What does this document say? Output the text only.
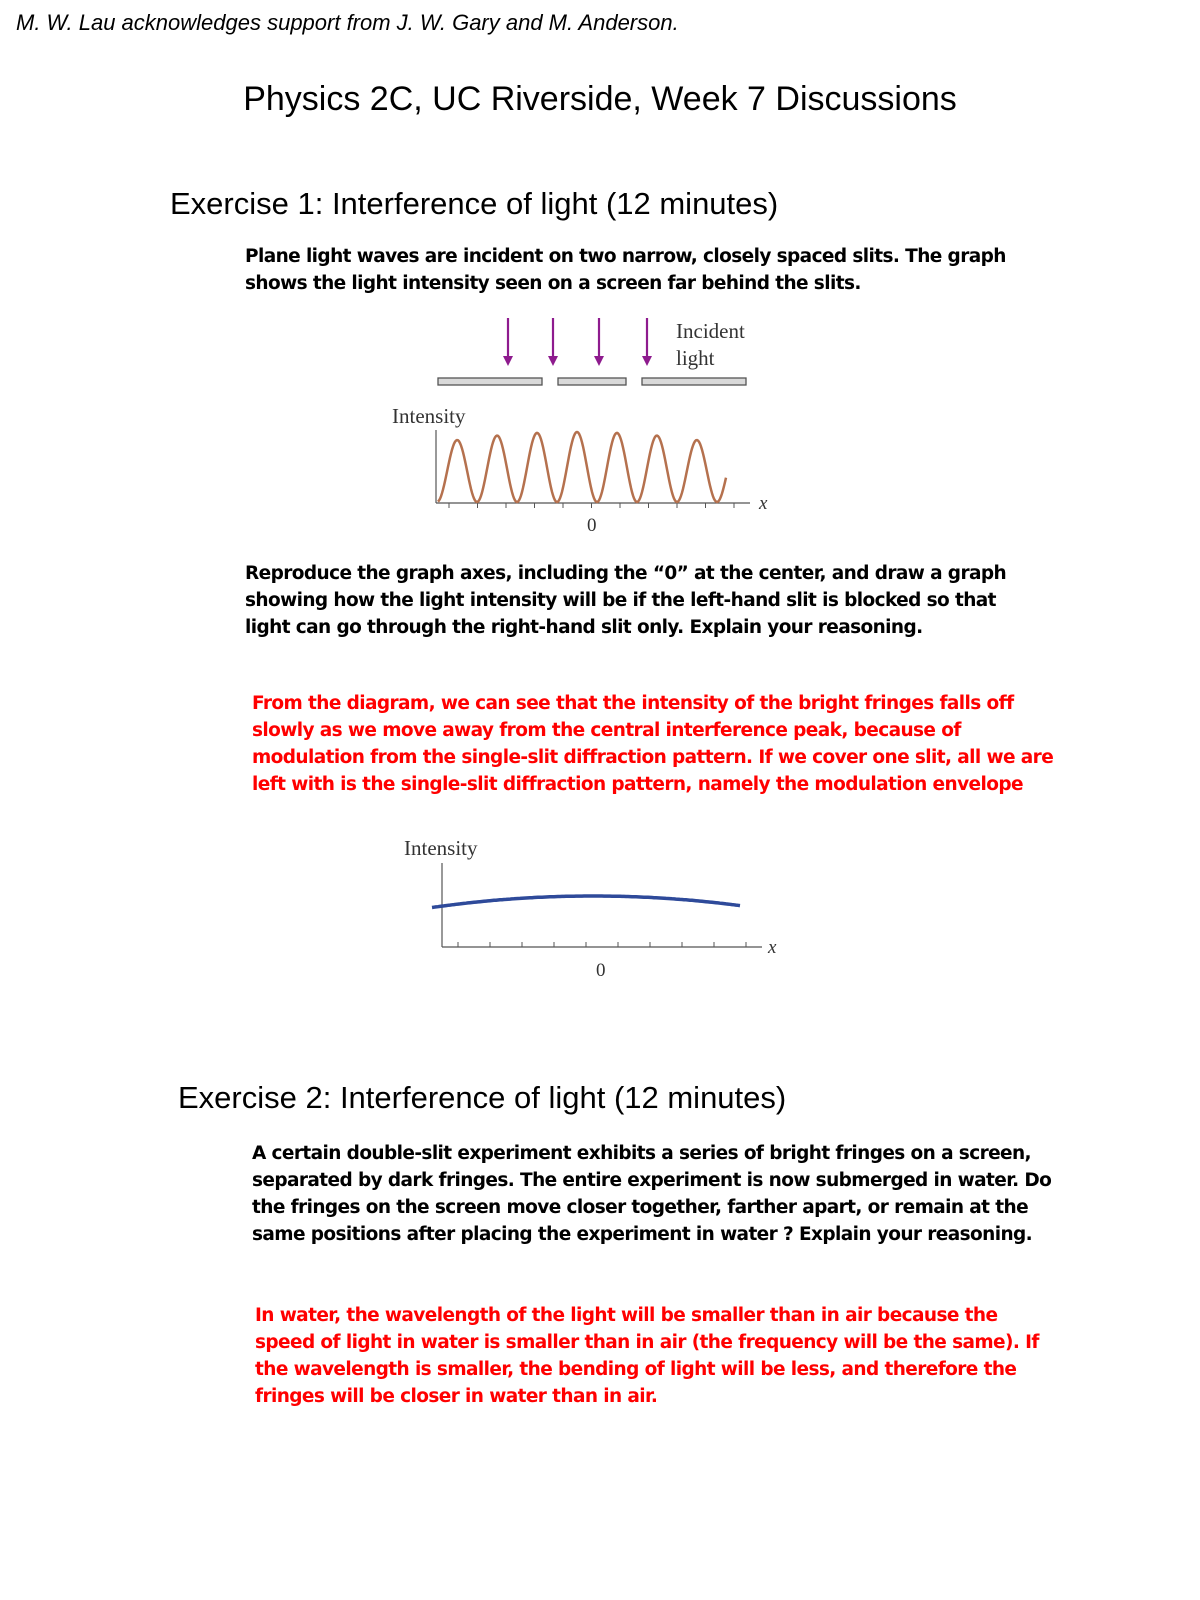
M. W. Lau acknowledges support from J. W. Gary and M. Anderson.
Physics 2C, UC Riverside, Week 7 Discussions
Exercise 1: Interference of light (12 minutes)

Plane light waves are incident on two narrow, closely spaced slits. The graph

shows the light intensity seen on a screen far behind the slits.

Incident
light
Intensity
x
0

Reproduce the graph axes, including the “0” at the center, and draw a graph

showing how the light intensity will be if the left-hand slit is blocked so that

light can go through the right-hand slit only. Explain your reasoning.

From the diagram, we can see that the intensity of the bright fringes falls off

slowly as we move away from the central interference peak, because of

modulation from the single-slit diffraction pattern. If we cover one slit, all we are

left with is the single-slit diffraction pattern, namely the modulation envelope

Intensity
x
0
Exercise 2: Interference of light (12 minutes)

A certain double-slit experiment exhibits a series of bright fringes on a screen,

separated by dark fringes. The entire experiment is now submerged in water. Do

the fringes on the screen move closer together, farther apart, or remain at the

same positions after placing the experiment in water ? Explain your reasoning.

In water, the wavelength of the light will be smaller than in air because the

speed of light in water is smaller than in air (the frequency will be the same). If

the wavelength is smaller, the bending of light will be less, and therefore the

fringes will be closer in water than in air.
